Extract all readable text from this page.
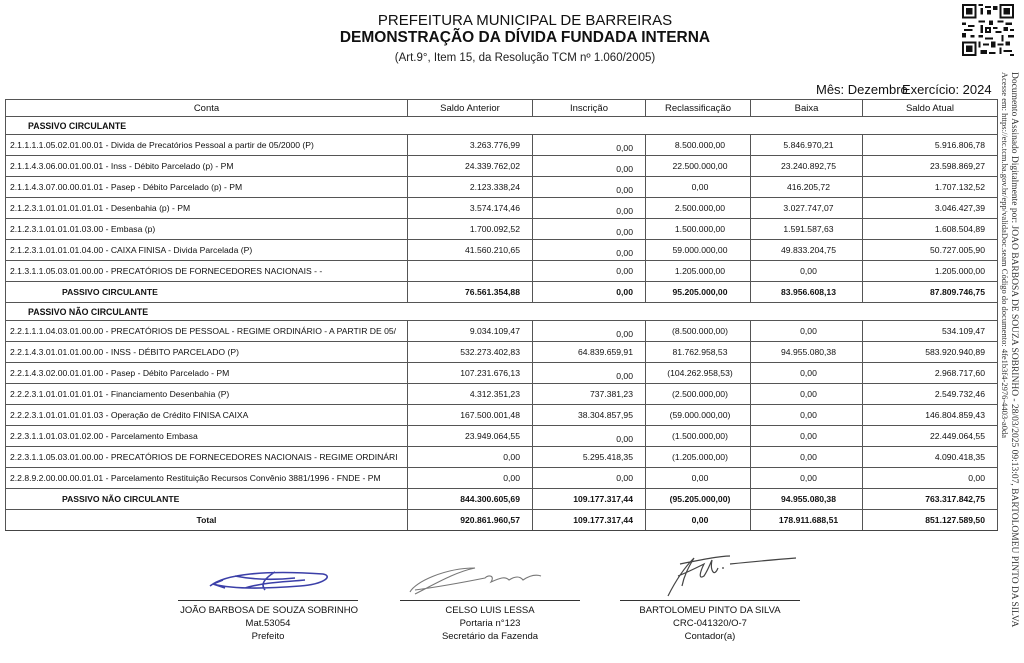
PREFEITURA MUNICIPAL DE BARREIRAS
DEMONSTRAÇÃO DA DÍVIDA FUNDADA INTERNA
(Art.9°, Item 15, da Resolução TCM nº 1.060/2005)
Mês: Dezembro
Exercício: 2024
Conta	Saldo Anterior	Inscrição	Reclassificação	Baixa	Saldo Atual
PASSIVO CIRCULANTE					
2.1.1.1.1.05.02.01.00.01 - Divida de Precatórios Pessoal a partir de 05/2000 (P)	3.263.776,99	0,00	8.500.000,00	5.846.970,21	5.916.806,78
2.1.1.4.3.06.00.01.00.01 - Inss - Débito Parcelado (p) - PM	24.339.762,02	0,00	22.500.000,00	23.240.892,75	23.598.869,27
2.1.1.4.3.07.00.00.01.01 - Pasep - Débito Parcelado (p) - PM	2.123.338,24	0,00	0,00	416.205,72	1.707.132,52
2.1.2.3.1.01.01.01.01.01 - Desenbahia (p) - PM	3.574.174,46	0,00	2.500.000,00	3.027.747,07	3.046.427,39
2.1.2.3.1.01.01.01.03.00 - Embasa (p)	1.700.092,52	0,00	1.500.000,00	1.591.587,63	1.608.504,89
2.1.2.3.1.01.01.01.04.00 - CAIXA FINISA - Divida Parcelada (P)	41.560.210,65	0,00	59.000.000,00	49.833.204,75	50.727.005,90
2.1.3.1.1.05.03.01.00.00 - PRECATÓRIOS DE FORNECEDORES NACIONAIS - -		0,00	1.205.000,00	0,00	1.205.000,00
PASSIVO CIRCULANTE	76.561.354,88	0,00	95.205.000,00	83.956.608,13	87.809.746,75
PASSIVO NÃO CIRCULANTE					
2.2.1.1.1.04.03.01.00.00 - PRECATÓRIOS DE PESSOAL - REGIME ORDINÁRIO - A PARTIR DE 05/	9.034.109,47	0,00	(8.500.000,00)	0,00	534.109,47
2.2.1.4.3.01.01.01.00.00 - INSS - DÉBITO PARCELADO (P)	532.273.402,83	64.839.659,91	81.762.958,53	94.955.080,38	583.920.940,89
2.2.1.4.3.02.00.01.01.00 - Pasep - Débito Parcelado - PM	107.231.676,13	0,00	(104.262.958,53)	0,00	2.968.717,60
2.2.2.3.1.01.01.01.01.01 - Financiamento Desenbahia (P)	4.312.351,23	737.381,23	(2.500.000,00)	0,00	2.549.732,46
2.2.2.3.1.01.01.01.01.03 - Operação de Crédito FINISA CAIXA	167.500.001,48	38.304.857,95	(59.000.000,00)	0,00	146.804.859,43
2.2.3.1.1.01.03.01.02.00 - Parcelamento Embasa	23.949.064,55	0,00	(1.500.000,00)	0,00	22.449.064,55
2.2.3.1.1.05.03.01.00.00 - PRECATÓRIOS DE FORNECEDORES NACIONAIS - REGIME ORDINÁRI	0,00	5.295.418,35	(1.205.000,00)	0,00	4.090.418,35
2.2.8.9.2.00.00.00.01.01 - Parcelamento Restituição Recursos Convênio 3881/1996 - FNDE - PM	0,00	0,00	0,00	0,00	0,00
PASSIVO NÃO CIRCULANTE	844.300.605,69	109.177.317,44	(95.205.000,00)	94.955.080,38	763.317.842,75
Total	920.861.960,57	109.177.317,44	0,00	178.911.688,51	851.127.589,50	Documento Assinado Digitalmente por: JOAO BARBOSA DE SOUZA SOBRINHO - 28/03/2025 09:13:07, BARTOLOMEU PINTO DA SILVA
Acesse em: https://etc.tcm.ba.gov.br/epp/validaDoc.seam Código do documento: 4fe1b3f4-2976-4403-a0da
JOÃO BARBOSA DE SOUZA SOBRINHO
Mat.53054
Prefeito
CELSO LUIS LESSA
Portaria n°123
Secretário da Fazenda
BARTOLOMEU PINTO DA SILVA
CRC-041320/O-7
Contador(a)
